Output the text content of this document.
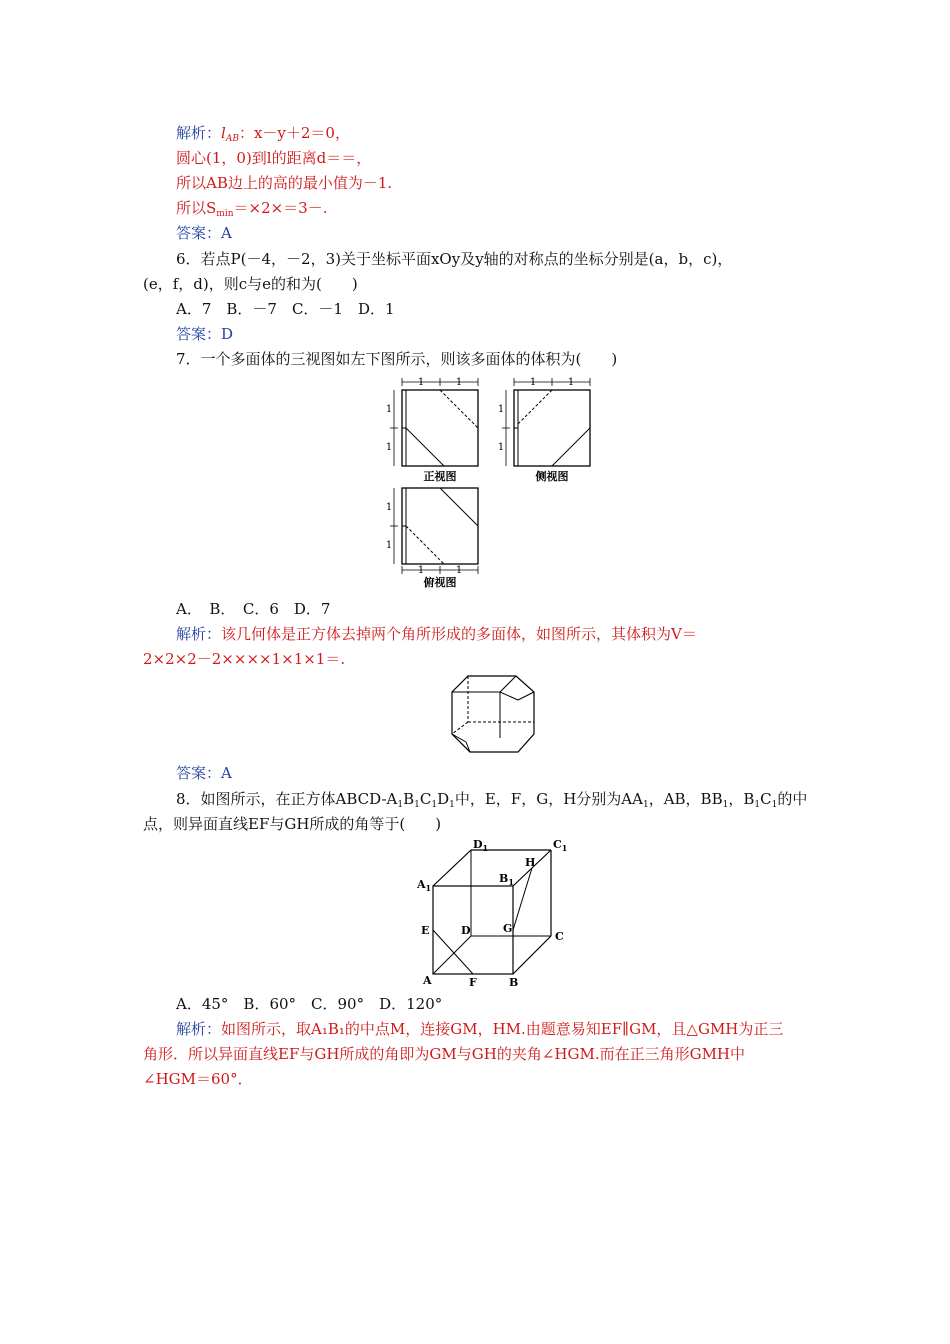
解析：$l_{AB}$：x－y＋2＝0，
圆心(1，0)到l的距离d＝＝，
所以AB边上的高的最小值为－1.
所以$S_{min}=\times 2\times=3-$.
答案：A
6．若点P(－4，－2，3)关于坐标平面xOy及y轴的对称点的坐标分别是(a，b，c)，
(e，f，d)，则c与e的和为(　　)
A．7　B．－7　C．－1　D．1
答案：D
7．一个多面体的三视图如左下图所示，则该多面体的体积为(　　)
1	1
1
1
正视图
1	1
1
1
侧视图
1
1
1	1
俯视图
A．　B．　C．6　D．7
解析：该几何体是正方体去掉两个角所形成的多面体，如图所示，其体积为V＝
2×2×2－2××××1×1×1＝.
答案：A
8．如图所示，在正方体ABCD-$A_1B_1C_1D_1$中，E，F，G，H分别为$AA_1$，AB，$BB_1$，$B_1C_1$的中
点，则异面直线EF与GH所成的角等于(　　)
$D_1$	$C_1$
$A_1$
$B_1$
H
E	D	G
C
A	F	B
A．45°　B．60°　C．90°　D．120°
解析：如图所示，取A₁B₁的中点M，连接GM，HM.由题意易知EF∥GM，且△GMH为正三
角形．所以异面直线EF与GH所成的角即为GM与GH的夹角∠HGM.而在正三角形GMH中
∠HGM＝60°．
